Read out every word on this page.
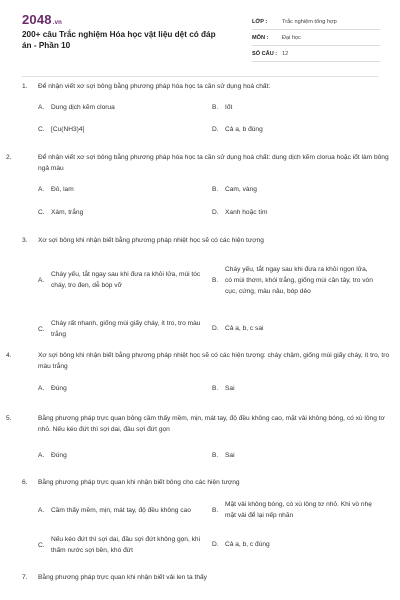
2048.vn
200+ câu Trắc nghiệm Hóa học vật liệu dệt có đáp án - Phần 10
LỚP :	Trắc nghiệm tổng hợp
MÔN :	Đại học
SỐ CÂU : 12
1. Để nhận viết xơ sợi bông bằng phương pháp hóa học ta cần sử dụng hoá chất:
A.	Dung dịch kẽm clorua	B.	Iốt
C. [Cu(NH3)4]	D. Cả a, b đúng
2.	Để nhận viết xơ sợi bông bằng phương pháp hóa học ta cần sử dụng hoá chất: dung dịch kẽm clorua hoặc iốt làm bông ngả màu
A.	Đỏ, lam	B.	Cam, vàng
C. Xám, trắng	D. Xanh hoặc tím
3. Xơ sợi bông khi nhận biết bằng phương pháp nhiệt học sẽ có các hiện tượng
A.
Cháy yếu, tắt ngay sau khi đưa ra khỏi lửa, mùi tóc cháy, tro đen, dễ bóp vỡ
B.
Cháy yếu, tắt ngay sau khi đưa ra khỏi ngọn lửa, có mùi thơm, khói trắng, giống mùi cần tây, tro vón cục, cứng, màu nâu, bóp dẻo
C.
Cháy rất nhanh, giống mùi giấy cháy, ít tro, tro màu trắng
D. Cả a, b, c sai
4.	Xơ sợi bông khi nhận biết bằng phương pháp nhiệt học sẽ có các hiện tượng: cháy chậm, giống mùi giấy cháy, ít tro, tro màu trắng
A.	Đúng	B.	Sai
5.	Bằng phương pháp trực quan bông cầm thấy mềm, mịn, mát tay, độ đều không cao, mặt vải không bóng, có xù lông tơ nhỏ. Nếu kéo đứt thì sợi dai, đầu sợi đứt gọn
A.	Đúng	B.	Sai
6. Bằng phương pháp trực quan khi nhận biết bông cho các hiện tượng
A.	Cầm thấy mềm, mịn, mát tay, độ đều không cao	B.
Mặt vải không bóng, có xù lông tơ nhỏ. Khi vò nhẹ mặt vải để lại nếp nhăn
C.
Nếu kéo đứt thì sợi dai, đầu sợi đứt không gọn, khi thấm nước sợi bền, khó đứt
D. Cả a, b, c đúng
7. Bằng phương pháp trực quan khi nhận biết vải len ta thấy
